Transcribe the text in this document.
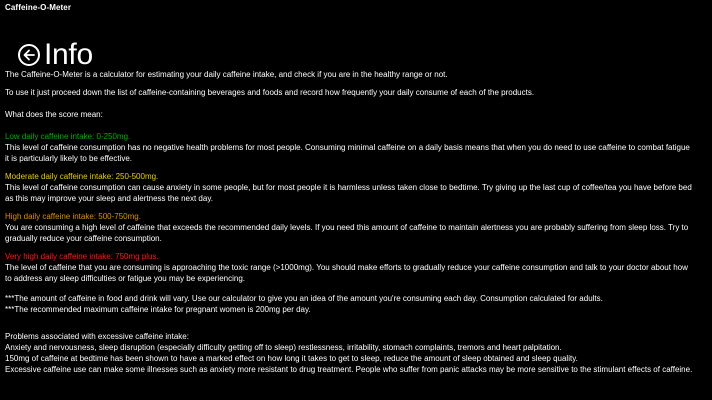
Caffeine-O-Meter
Info

The Caffeine-O-Meter is a calculator for estimating your daily caffeine intake, and check if you are in the healthy range or not.

To use it just proceed down the list of caffeine-containing beverages and foods and record how frequently your daily consume of each of the products.

What does the score mean:

Low daily caffeine intake: 0-250mg.

This level of caffeine consumption has no negative health problems for most people. Consuming minimal caffeine on a daily basis means that when you do need to use caffeine to combat fatigue it is particularly likely to be effective.

Moderate daily caffeine intake: 250-500mg.

This level of caffeine consumption can cause anxiety in some people, but for most people it is harmless unless taken close to bedtime. Try giving up the last cup of coffee/tea you have before bed as this may improve your sleep and alertness the next day.

High daily caffeine intake: 500-750mg.

You are consuming a high level of caffeine that exceeds the recommended daily levels. If you need this amount of caffeine to maintain alertness you are probably suffering from sleep loss. Try to gradually reduce your caffeine consumption.

Very high daily caffeine intake: 750mg plus.

The level of caffeine that you are consuming is approaching the toxic range (>1000mg). You should make efforts to gradually reduce your caffeine consumption and talk to your doctor about how to address any sleep difficulties or fatigue you may be experiencing.

***The amount of caffeine in food and drink will vary. Use our calculator to give you an idea of the amount you're consuming each day. Consumption calculated for adults.

***The recommended maximum caffeine intake for pregnant women is 200mg per day.

Problems associated with excessive caffeine intake:

Anxiety and nervousness, sleep disruption (especially difficulty getting off to sleep) restlessness, irritability, stomach complaints, tremors and heart palpitation.

150mg of caffeine at bedtime has been shown to have a marked effect on how long it takes to get to sleep, reduce the amount of sleep obtained and sleep quality.

Excessive caffeine use can make some illnesses such as anxiety more resistant to drug treatment. People who suffer from panic attacks may be more sensitive to the stimulant effects of caffeine.
